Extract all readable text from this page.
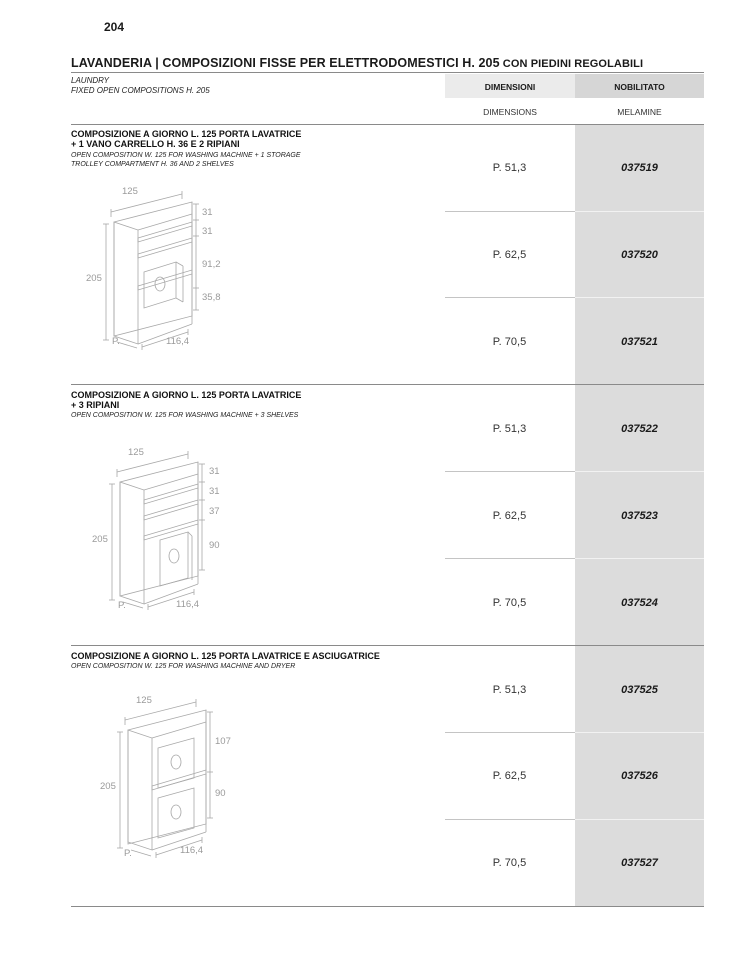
204
LAVANDERIA | COMPOSIZIONI FISSE PER ELETTRODOMESTICI H. 205 CON PIEDINI REGOLABILI
LAUNDRY
FIXED OPEN COMPOSITIONS H. 205	DIMENSIONI	NOBILITATO
DIMENSIONS	MELAMINE
COMPOSIZIONE A GIORNO L. 125 PORTA LAVATRICE
+ 1 VANO CARRELLO H. 36 E 2 RIPIANI
OPEN COMPOSITION W. 125 FOR WASHING MACHINE + 1 STORAGE
TROLLEY COMPARTMENT H. 36 AND 2 SHELVES
125
205
P.	116,4
31
31
91,2
35,8
P. 51,3	037519
P. 62,5	037520
P. 70,5	037521
COMPOSIZIONE A GIORNO L. 125 PORTA LAVATRICE
+ 3 RIPIANI
OPEN COMPOSITION W. 125 FOR WASHING MACHINE + 3 SHELVES
125
205
P.	116,4
31
31
37
90
P. 51,3	037522
P. 62,5	037523
P. 70,5	037524
COMPOSIZIONE A GIORNO L. 125 PORTA LAVATRICE E ASCIUGATRICE
OPEN COMPOSITION W. 125 FOR WASHING MACHINE AND DRYER
125
205
P.	116,4
107
90
P. 51,3	037525
P. 62,5	037526
P. 70,5	037527
